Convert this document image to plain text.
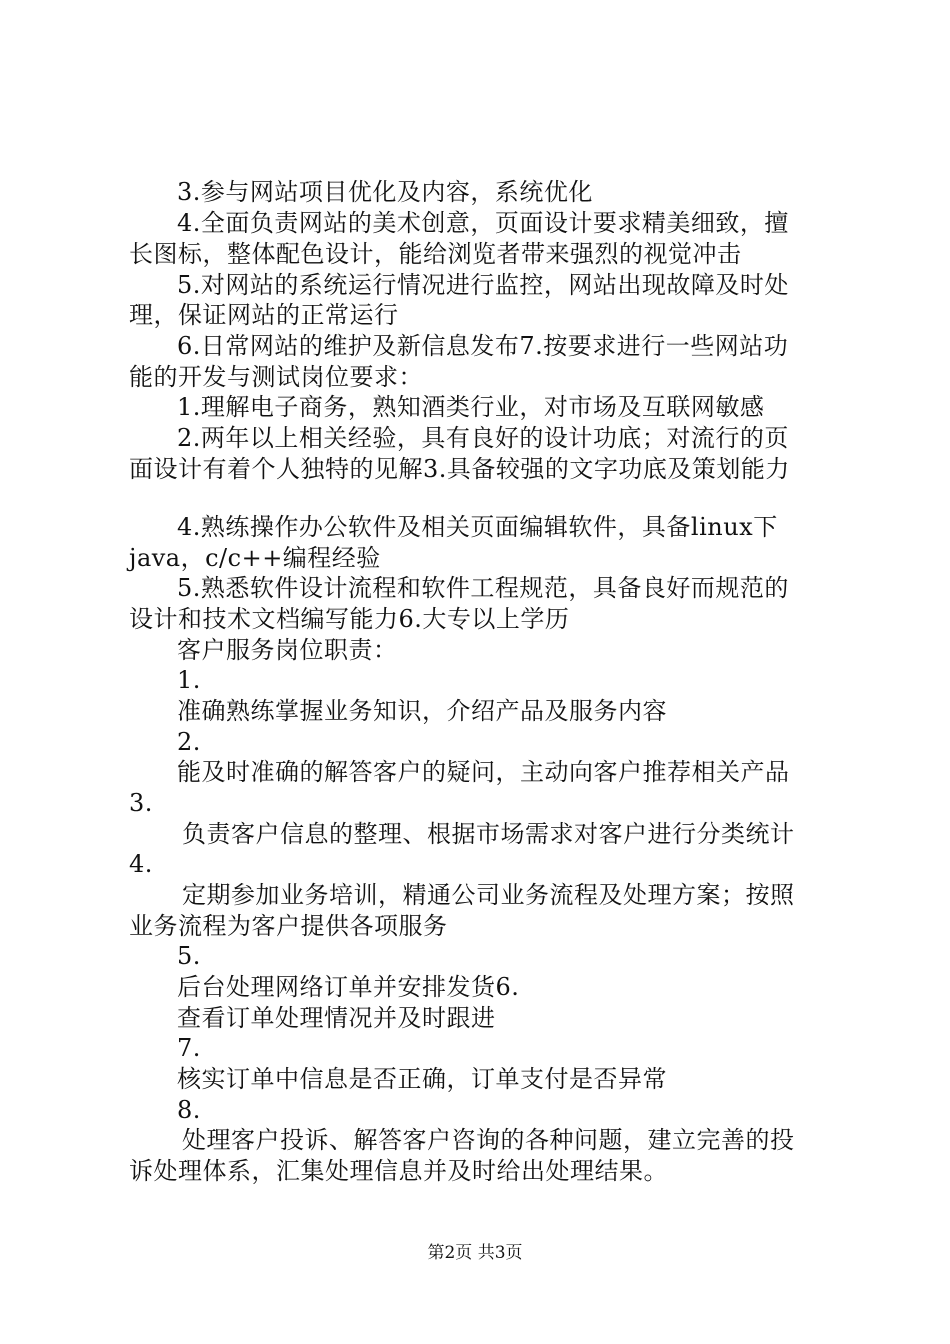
3.参与网站项目优化及内容，系统优化
4.全面负责网站的美术创意，页面设计要求精美细致，擅
长图标，整体配色设计，能给浏览者带来强烈的视觉冲击
5.对网站的系统运行情况进行监控，网站出现故障及时处
理，保证网站的正常运行
6.日常网站的维护及新信息发布7.按要求进行一些网站功
能的开发与测试岗位要求：
1.理解电子商务，熟知酒类行业，对市场及互联网敏感
2.两年以上相关经验，具有良好的设计功底；对流行的页
面设计有着个人独特的见解3.具备较强的文字功底及策划能力
4.熟练操作办公软件及相关页面编辑软件，具备linux下
java，c/c++编程经验
5.熟悉软件设计流程和软件工程规范，具备良好而规范的
设计和技术文档编写能力6.大专以上学历
客户服务岗位职责：
1.
准确熟练掌握业务知识，介绍产品及服务内容
2.
能及时准确的解答客户的疑问，主动向客户推荐相关产品
3.
负责客户信息的整理、根据市场需求对客户进行分类统计
4.
定期参加业务培训，精通公司业务流程及处理方案；按照
业务流程为客户提供各项服务
5.
后台处理网络订单并安排发货6.
查看订单处理情况并及时跟进
7.
核实订单中信息是否正确，订单支付是否异常
8.
处理客户投诉、解答客户咨询的各种问题，建立完善的投
诉处理体系，汇集处理信息并及时给出处理结果。
第2页 共3页
